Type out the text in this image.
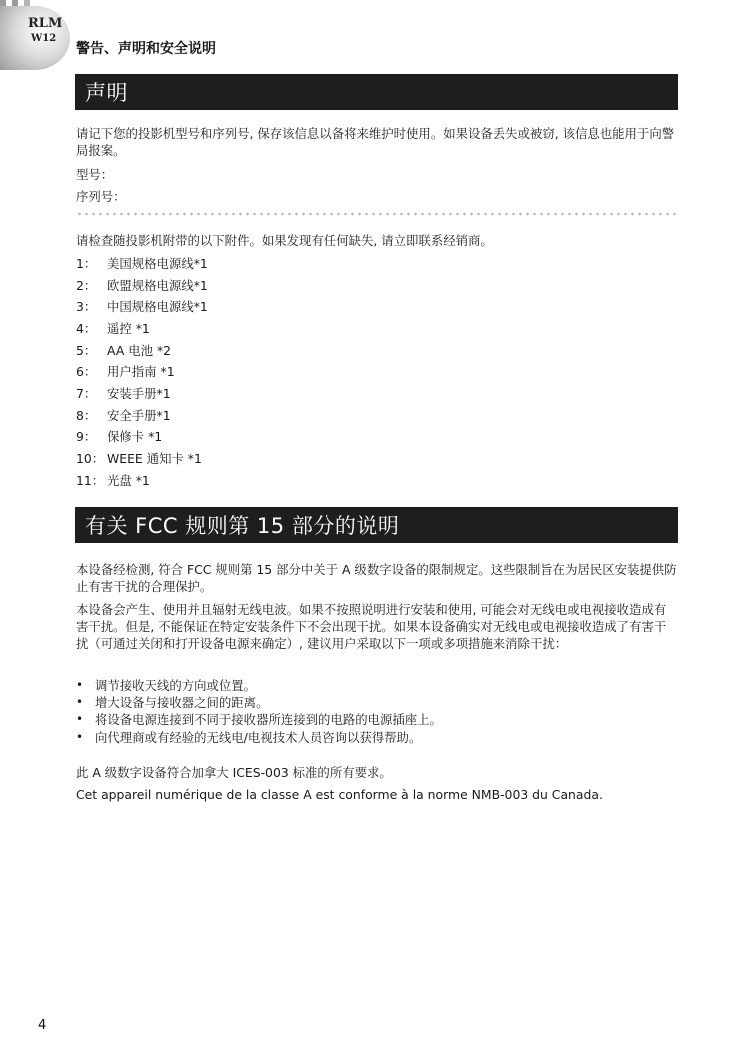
RLM
W12
警告、声明和安全说明
声明
请记下您的投影机型号和序列号, 保存该信息以备将来维护时使用。如果设备丢失或被窃, 该信息也能用于向警局报案。
型号：
序列号：
请检查随投影机附带的以下附件。如果发现有任何缺失, 请立即联系经销商。
1： 美国规格电源线*1
2： 欧盟规格电源线*1
3： 中国规格电源线*1
4： 遥控 *1
5： AA 电池 *2
6： 用户指南 *1
7： 安装手册*1
8： 安全手册*1
9： 保修卡 *1
10： WEEE 通知卡 *1
11： 光盘 *1
有关 FCC 规则第 15 部分的说明
本设备经检测, 符合 FCC 规则第 15 部分中关于 A 级数字设备的限制规定。这些限制旨在为居民区安装提供防止有害干扰的合理保护。
本设备会产生、使用并且辐射无线电波。如果不按照说明进行安装和使用, 可能会对无线电或电视接收造成有害干扰。但是, 不能保证在特定安装条件下不会出现干扰。如果本设备确实对无线电或电视接收造成了有害干扰（可通过关闭和打开设备电源来确定）, 建议用户采取以下一项或多项措施来消除干扰：
• 调节接收天线的方向或位置。
• 增大设备与接收器之间的距离。
• 将设备电源连接到不同于接收器所连接到的电路的电源插座上。
• 向代理商或有经验的无线电/电视技术人员咨询以获得帮助。
此 A 级数字设备符合加拿大 ICES-003 标准的所有要求。
Cet appareil numérique de la classe A est conforme à la norme NMB-003 du Canada.
4
